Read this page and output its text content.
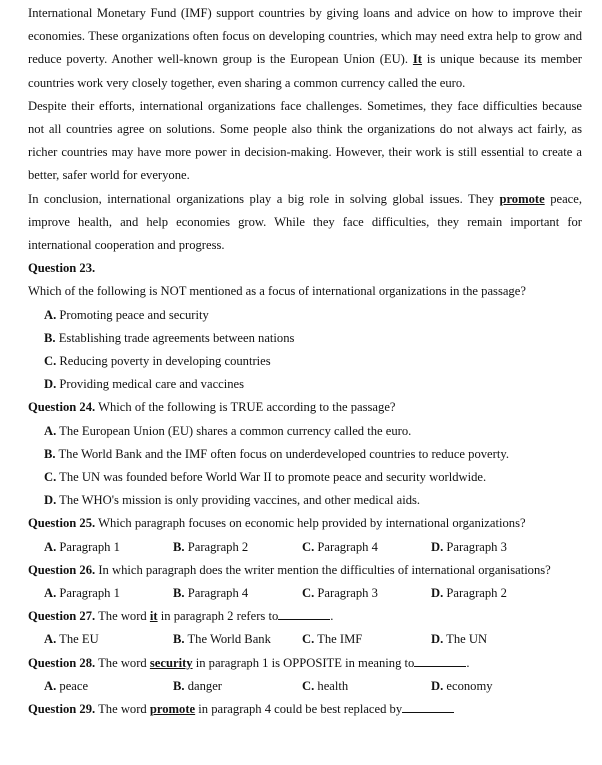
International Monetary Fund (IMF) support countries by giving loans and advice on how to improve their economies. These organizations often focus on developing countries, which may need extra help to grow and reduce poverty. Another well-known group is the European Union (EU). It is unique because its member countries work very closely together, even sharing a common currency called the euro.

Despite their efforts, international organizations face challenges. Sometimes, they face difficulties because not all countries agree on solutions. Some people also think the organizations do not always act fairly, as richer countries may have more power in decision-making. However, their work is still essential to create a better, safer world for everyone.

In conclusion, international organizations play a big role in solving global issues. They promote peace, improve health, and help economies grow. While they face difficulties, they remain important for international cooperation and progress.

Question 23.

Which of the following is NOT mentioned as a focus of international organizations in the passage?

A. Promoting peace and security

B. Establishing trade agreements between nations

C. Reducing poverty in developing countries

D. Providing medical care and vaccines

Question 24. Which of the following is TRUE according to the passage?

A. The European Union (EU) shares a common currency called the euro.

B. The World Bank and the IMF often focus on underdeveloped countries to reduce poverty.

C. The UN was founded before World War II to promote peace and security worldwide.

D. The WHO's mission is only providing vaccines, and other medical aids.

Question 25. Which paragraph focuses on economic help provided by international organizations?

A. Paragraph 1	B. Paragraph 2	C. Paragraph 4	D. Paragraph 3

Question 26. In which paragraph does the writer mention the difficulties of international organisations?

A. Paragraph 1	B. Paragraph 4	C. Paragraph 3	D. Paragraph 2

Question 27. The word it in paragraph 2 refers to	.

A. The EU	B. The World Bank	C. The IMF	D. The UN

Question 28. The word security in paragraph 1 is OPPOSITE in meaning to	.

A. peace	B. danger	C. health	D. economy

Question 29. The word promote in paragraph 4 could be best replaced by
